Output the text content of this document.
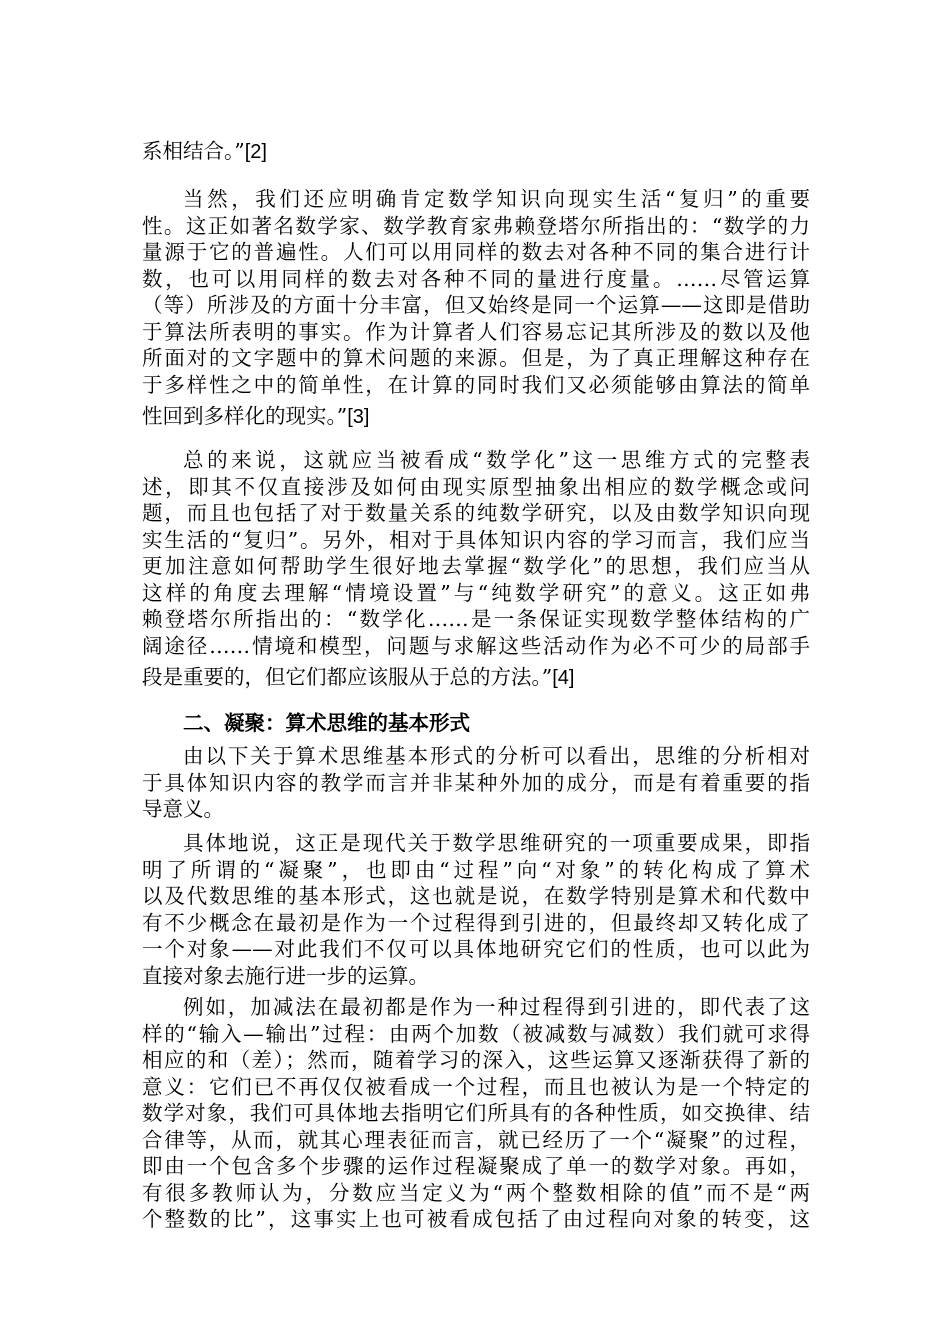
系相结合。”[2]
当然，我们还应明确肯定数学知识向现实生活“复归”的重要
性。这正如著名数学家、数学教育家弗赖登塔尔所指出的：“数学的力
量源于它的普遍性。人们可以用同样的数去对各种不同的集合进行计
数，也可以用同样的数去对各种不同的量进行度量。……尽管运算
（等）所涉及的方面十分丰富，但又始终是同一个运算——这即是借助
于算法所表明的事实。作为计算者人们容易忘记其所涉及的数以及他
所面对的文字题中的算术问题的来源。但是，为了真正理解这种存在
于多样性之中的简单性，在计算的同时我们又必须能够由算法的简单
性回到多样化的现实。”[3]
总的来说，这就应当被看成“数学化”这一思维方式的完整表
述，即其不仅直接涉及如何由现实原型抽象出相应的数学概念或问
题，而且也包括了对于数量关系的纯数学研究，以及由数学知识向现
实生活的“复归”。另外，相对于具体知识内容的学习而言，我们应当
更加注意如何帮助学生很好地去掌握“数学化”的思想，我们应当从
这样的角度去理解“情境设置”与“纯数学研究”的意义。这正如弗
赖登塔尔所指出的：“数学化……是一条保证实现数学整体结构的广
阔途径……情境和模型，问题与求解这些活动作为必不可少的局部手
段是重要的，但它们都应该服从于总的方法。”[4]
二、凝聚：算术思维的基本形式
由以下关于算术思维基本形式的分析可以看出，思维的分析相对
于具体知识内容的教学而言并非某种外加的成分，而是有着重要的指
导意义。
具体地说，这正是现代关于数学思维研究的一项重要成果，即指
明了所谓的“凝聚”，也即由“过程”向“对象”的转化构成了算术
以及代数思维的基本形式，这也就是说，在数学特别是算术和代数中
有不少概念在最初是作为一个过程得到引进的，但最终却又转化成了
一个对象——对此我们不仅可以具体地研究它们的性质，也可以此为
直接对象去施行进一步的运算。
例如，加减法在最初都是作为一种过程得到引进的，即代表了这
样的“输入—输出”过程：由两个加数（被减数与减数）我们就可求得
相应的和（差）；然而，随着学习的深入，这些运算又逐渐获得了新的
意义：它们已不再仅仅被看成一个过程，而且也被认为是一个特定的
数学对象，我们可具体地去指明它们所具有的各种性质，如交换律、结
合律等，从而，就其心理表征而言，就已经历了一个“凝聚”的过程，
即由一个包含多个步骤的运作过程凝聚成了单一的数学对象。再如，
有很多教师认为，分数应当定义为“两个整数相除的值”而不是“两
个整数的比”，这事实上也可被看成包括了由过程向对象的转变，这
